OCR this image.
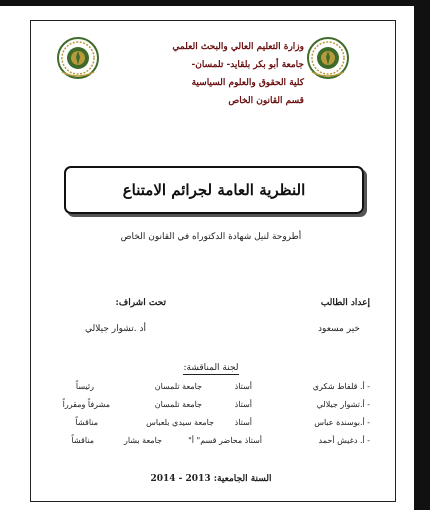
وزارة التعليم العالي والبحث العلمي
جامعة أبو بكر بلقايد- تلمسان-
كلية الحقوق والعلوم السياسية
قسم القانون الخاص
النظرية العامة لجرائم الامتناع
أطروحة لنيل شهادة الدكتوراه في القانون الخاص
إعداد الطالب
تحت اشراف:
خير مسعود
أد .تشوار جيلالي
لجنة المناقشة:
- أ. قلفاط شكري
أستاذ
جامعة تلمسان
رئيساً
- أ.تشوار جيلالي
أستاذ
جامعة تلمسان
مشرفاً ومقرراً
- أ.بوسندة عباس
أستاذ
جامعة سيدي بلعباس
مناقشاً
- أ. دغيش أحمد
أستاذ محاضر قسم" أ"
جامعة بشار
مناقشاً
السنة الجامعية: 2013 - 2014
